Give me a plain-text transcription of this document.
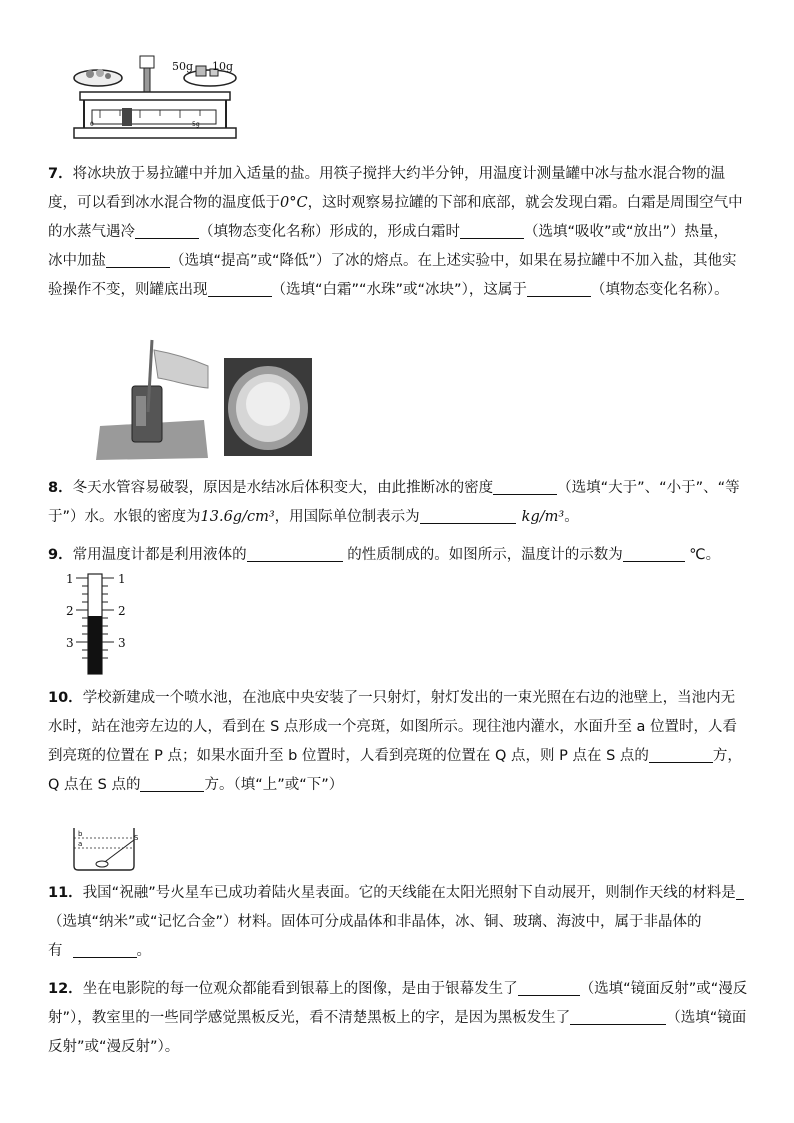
50g 10g
0	5g
7．将冰块放于易拉罐中并加入适量的盐。用筷子搅拌大约半分钟，用温度计测量罐中冰与盐水混合物的温
度，可以看到冰水混合物的温度低于0°C，这时观察易拉罐的下部和底部，就会发现白霜。白霜是周围空气中
的水蒸气遇冷	（填物态变化名称）形成的，形成白霜时	（选填“吸收”或“放出”）热量，
冰中加盐	（选填“提高”或“降低”）了冰的熔点。在上述实验中，如果在易拉罐中不加入盐，其他实
验操作不变，则罐底出现	（选填“白霜”“水珠”或“冰块”），这属于	（填物态变化名称）。
8．冬天水管容易破裂，原因是水结冰后体积变大，由此推断冰的密度	（选填“大于”、“小于”、“等
于”）水。水银的密度为13.6g/cm³，用国际单位制表示为	kg/m³。
9．常用温度计都是利用液体的	的性质制成的。如图所示，温度计的示数为	℃。
1	1
2	2
3	3
10．学校新建成一个喷水池，在池底中央安装了一只射灯，射灯发出的一束光照在右边的池壁上，当池内无
水时，站在池旁左边的人，看到在 S 点形成一个亮斑，如图所示。现往池内灌水，水面升至 a 位置时，人看
到亮斑的位置在 P 点；如果水面升至 b 位置时，人看到亮斑的位置在 Q 点，则 P 点在 S 点的	方，
Q 点在 S 点的	方。（填“上”或“下”）
b
a
S
11．我国“祝融”号火星车已成功着陆火星表面。它的天线能在太阳光照射下自动展开，则制作天线的材料是
（选填“纳米”或“记忆合金”）材料。固体可分成晶体和非晶体，冰、铜、玻璃、海波中，属于非晶体的
有	。
12．坐在电影院的每一位观众都能看到银幕上的图像，是由于银幕发生了	（选填“镜面反射”或“漫反
射”），教室里的一些同学感觉黑板反光，看不清楚黑板上的字，是因为黑板发生了	（选填“镜面
反射”或“漫反射”）。
